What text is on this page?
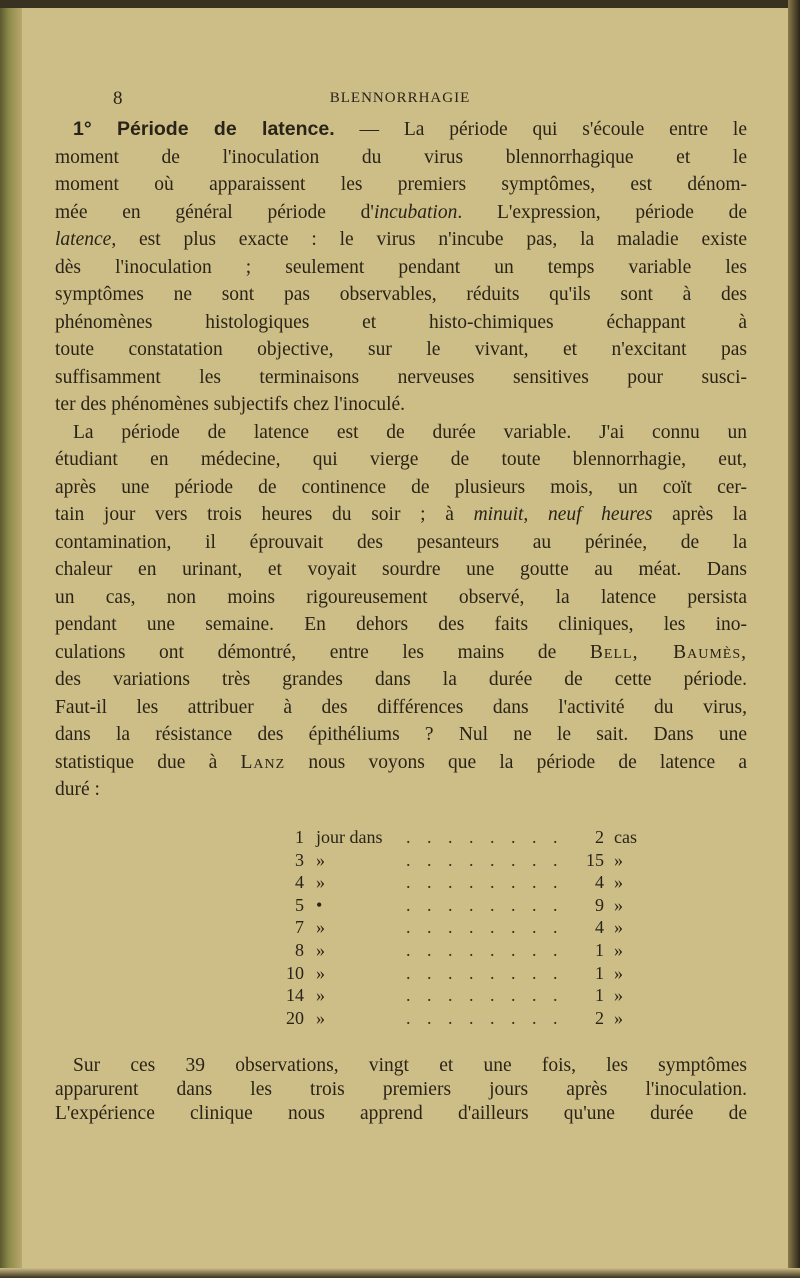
8	BLENNORRHAGIE
1° Période de latence. — La période qui s'écoule entre le
moment de l'inoculation du virus blennorrhagique et le
moment où apparaissent les premiers symptômes, est dénom-
mée en général période d'incubation. L'expression, période de
latence, est plus exacte : le virus n'incube pas, la maladie existe
dès l'inoculation ; seulement pendant un temps variable les
symptômes ne sont pas observables, réduits qu'ils sont à des
phénomènes histologiques et histo-chimiques échappant à
toute constatation objective, sur le vivant, et n'excitant pas
suffisamment les terminaisons nerveuses sensitives pour susci-
ter des phénomènes subjectifs chez l'inoculé.
La période de latence est de durée variable. J'ai connu un
étudiant en médecine, qui vierge de toute blennorrhagie, eut,
après une période de continence de plusieurs mois, un coït cer-
tain jour vers trois heures du soir ; à minuit, neuf heures après la
contamination, il éprouvait des pesanteurs au périnée, de la
chaleur en urinant, et voyait sourdre une goutte au méat. Dans
un cas, non moins rigoureusement observé, la latence persista
pendant une semaine. En dehors des faits cliniques, les ino-
culations ont démontré, entre les mains de Bell, Baumès,
des variations très grandes dans la durée de cette période.
Faut-il les attribuer à des différences dans l'activité du virus,
dans la résistance des épithéliums ? Nul ne le sait. Dans une
statistique due à Lanz nous voyons que la période de latence a
duré :
1 jour dans	. . . . . . . .	2 cas
3 »	. . . . . . . .	15 »
4 »	. . . . . . . .	4 »
5 •	. . . . . . . .	9 »
7 »	. . . . . . . .	4 »
8 »	. . . . . . . .	1 »
10 »	. . . . . . . .	1 »
14 »	. . . . . . . .	1 »
20 »	. . . . . . . .	2 »
Sur ces 39 observations, vingt et une fois, les symptômes
apparurent dans les trois premiers jours après l'inoculation.
L'expérience clinique nous apprend d'ailleurs qu'une durée de
